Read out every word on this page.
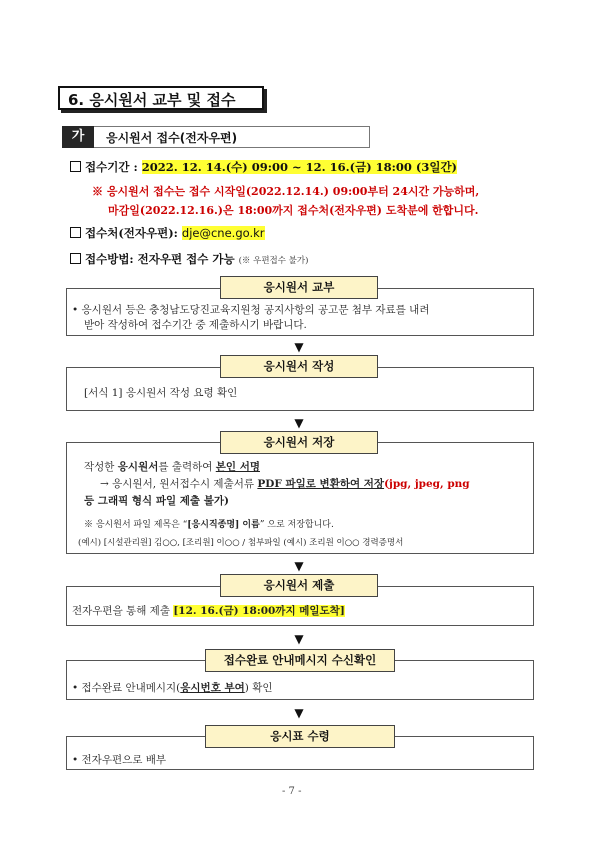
6. 응시원서 교부 및 접수
가	응시원서 접수(전자우편)
접수기간 : 2022. 12. 14.(수) 09:00 ~ 12. 16.(금) 18:00 (3일간)
※ 응시원서 접수는 접수 시작일(2022.12.14.) 09:00부터 24시간 가능하며,
마감일(2022.12.16.)은 18:00까지 접수처(전자우편) 도착분에 한합니다.
접수처(전자우편): dje@cne.go.kr
접수방법: 전자우편 접수 가능 (※ 우편접수 불가)
응시원서 교부
• 응시원서 등은 충청남도당진교육지원청 공지사항의 공고문 첨부 자료를 내려
받아 작성하여 접수기간 중 제출하시기 바랍니다.
▼
응시원서 작성
[서식 1] 응시원서 작성 요령 확인
▼
응시원서 저장
작성한 응시원서를 출력하여 본인 서명
→ 응시원서, 원서접수시 제출서류 PDF 파일로 변환하여 저장(jpg, jpeg, png
등 그래픽 형식 파일 제출 불가)
※ 응시원서 파일 제목은 “[응시직종명] 이름” 으로 저장합니다.
(예시) [시설관리원] 김○○, [조리원] 이○○ / 첨부파일 (예시) 조리원 이○○ 경력증명서
▼
응시원서 제출
전자우편을 통해 제출 [12. 16.(금) 18:00까지 메일도착]
▼
접수완료 안내메시지 수신확인
• 접수완료 안내메시지(응시번호 부여) 확인
▼
응시표 수령
• 전자우편으로 배부
- 7 -
